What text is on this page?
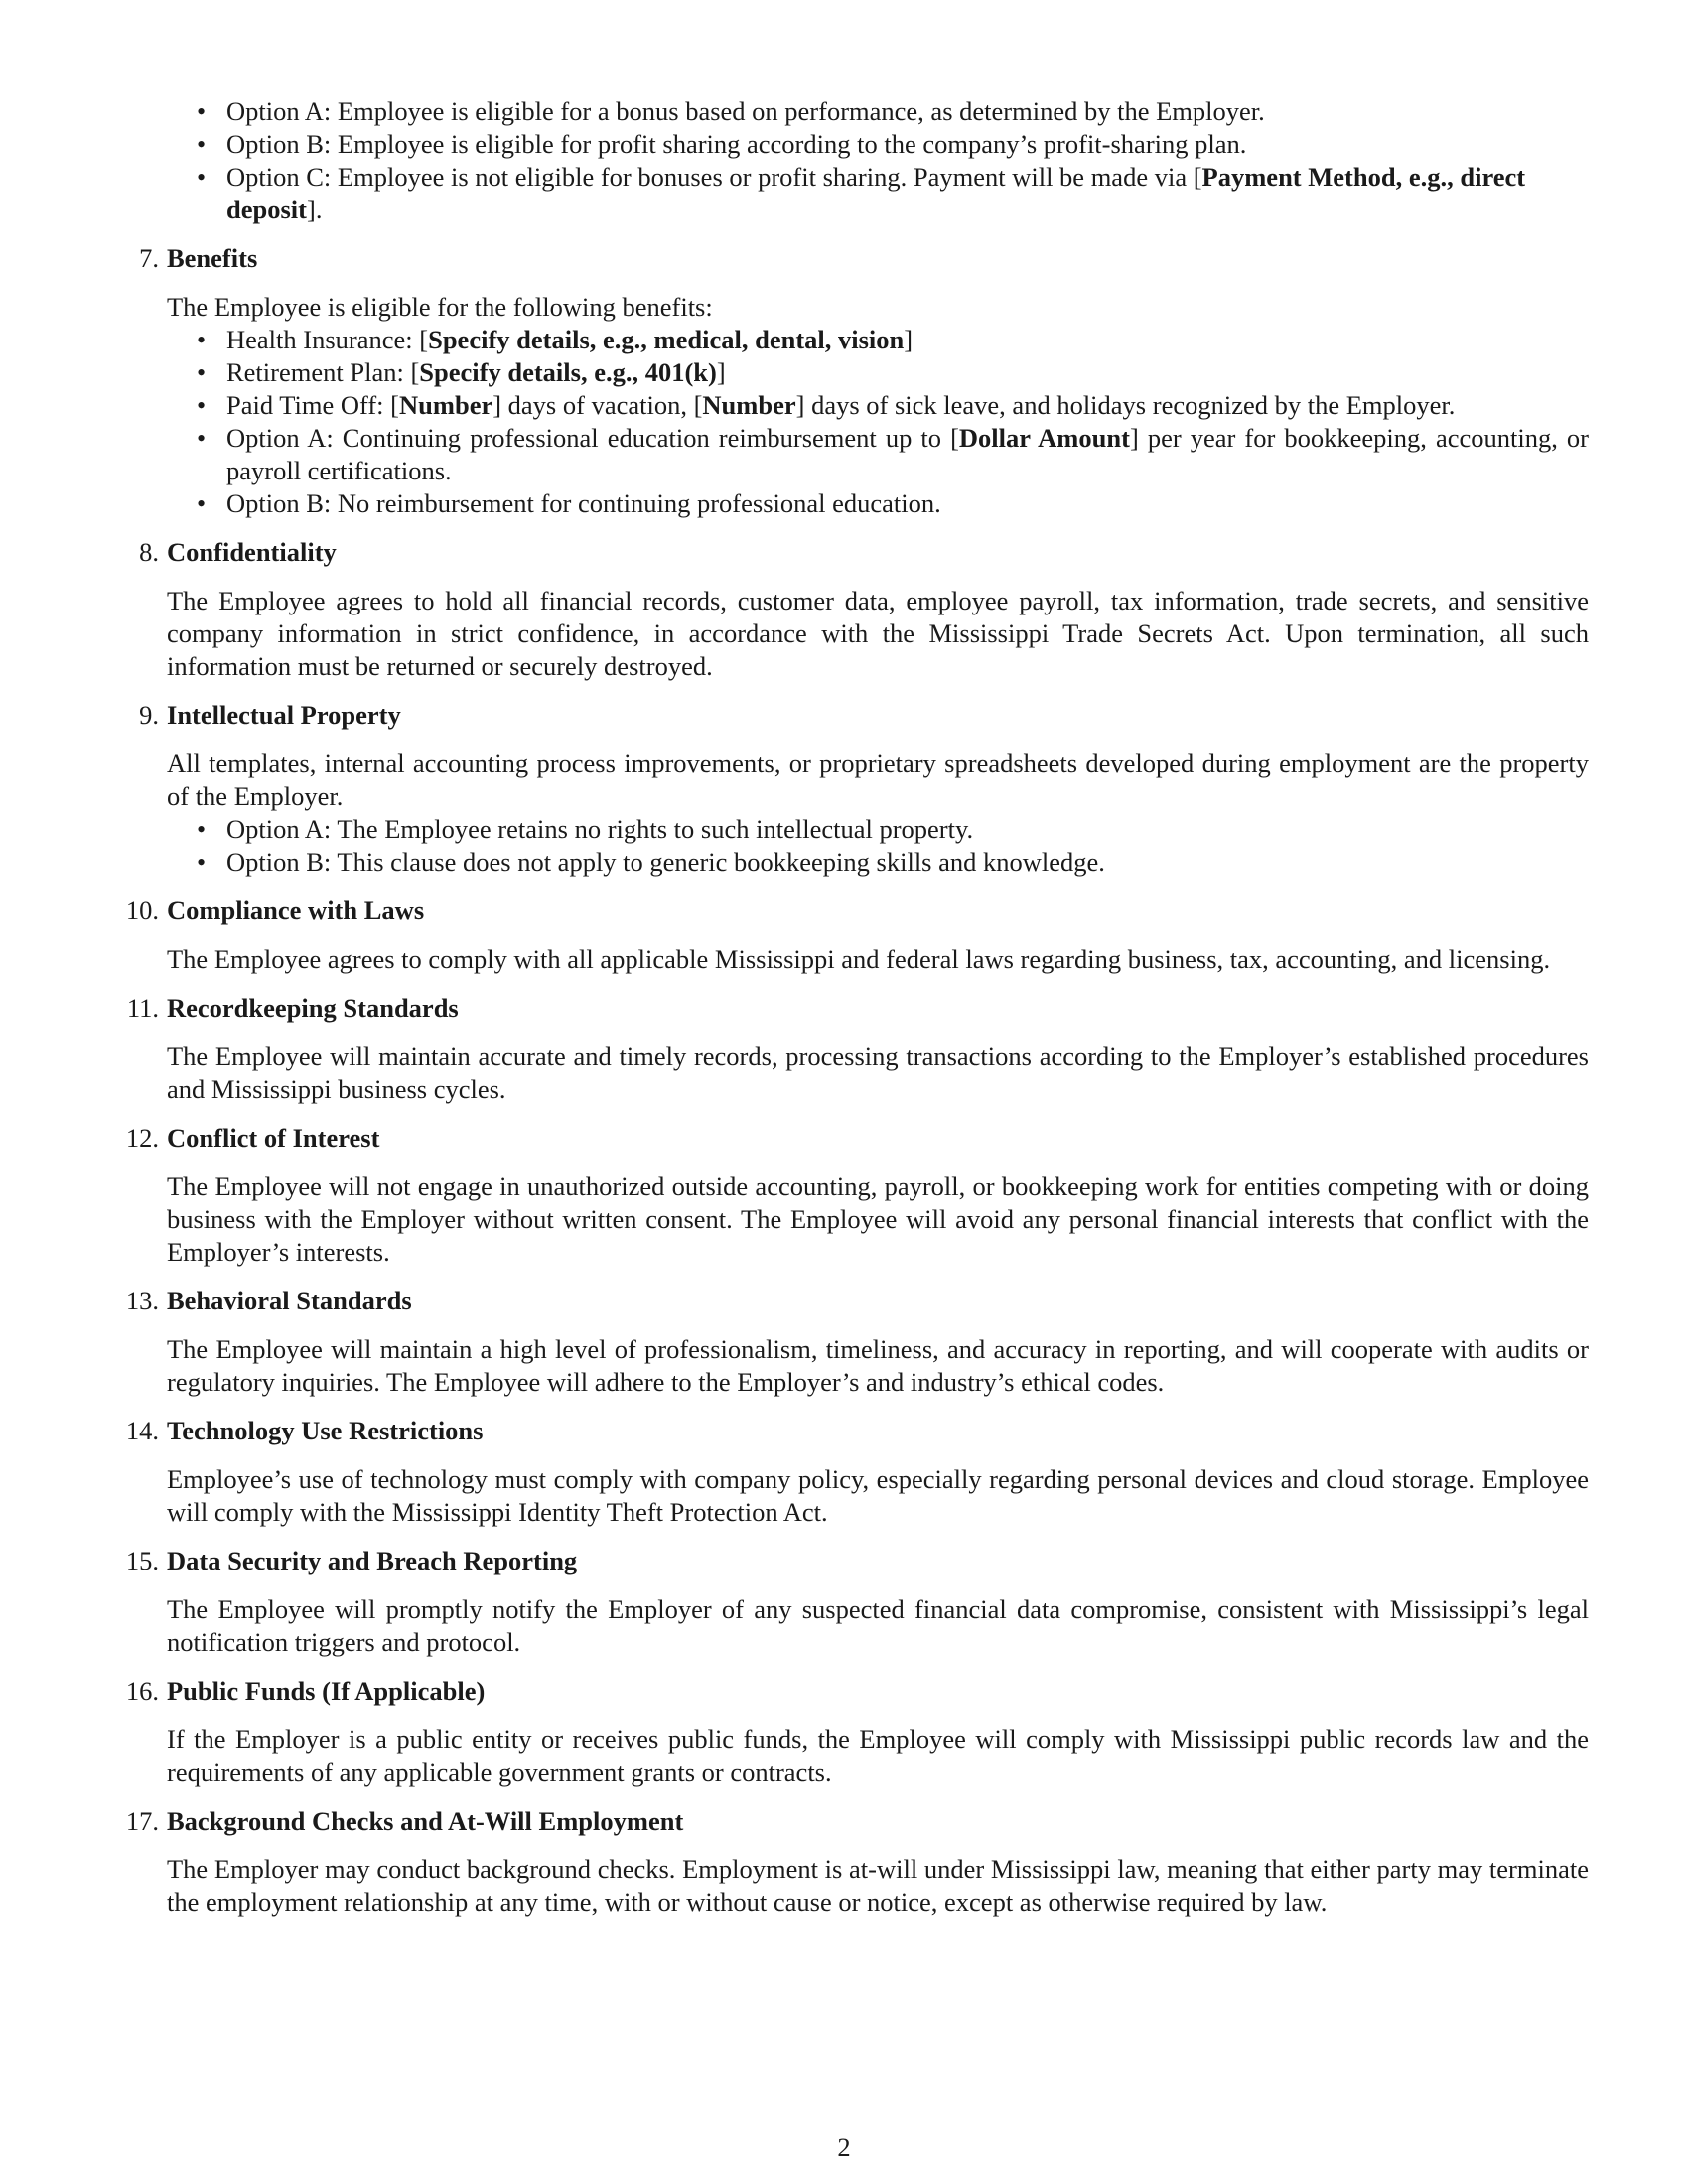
• Option A: Employee is eligible for a bonus based on performance, as determined by the Employer.
• Option B: Employee is eligible for profit sharing according to the company’s profit-sharing plan.
• Option C: Employee is not eligible for bonuses or profit sharing. Payment will be made via [Payment Method, e.g., direct deposit].
7. Benefits

The Employee is eligible for the following benefits:

• Health Insurance: [Specify details, e.g., medical, dental, vision]
• Retirement Plan: [Specify details, e.g., 401(k)]
• Paid Time Off: [Number] days of vacation, [Number] days of sick leave, and holidays recognized by the Employer.
• Option A: Continuing professional education reimbursement up to [Dollar Amount] per year for bookkeeping, accounting, or payroll certifications.
• Option B: No reimbursement for continuing professional education.
8. Confidentiality

The Employee agrees to hold all financial records, customer data, employee payroll, tax information, trade secrets, and sensitive company information in strict confidence, in accordance with the Mississippi Trade Secrets Act. Upon termination, all such information must be returned or securely destroyed.

9. Intellectual Property

All templates, internal accounting process improvements, or proprietary spreadsheets developed during employment are the property of the Employer.

• Option A: The Employee retains no rights to such intellectual property.
• Option B: This clause does not apply to generic bookkeeping skills and knowledge.
10. Compliance with Laws

The Employee agrees to comply with all applicable Mississippi and federal laws regarding business, tax, accounting, and licensing.

11. Recordkeeping Standards

The Employee will maintain accurate and timely records, processing transactions according to the Employer’s established procedures and Mississippi business cycles.

12. Conflict of Interest

The Employee will not engage in unauthorized outside accounting, payroll, or bookkeeping work for entities competing with or doing business with the Employer without written consent. The Employee will avoid any personal financial interests that conflict with the Employer’s interests.

13. Behavioral Standards

The Employee will maintain a high level of professionalism, timeliness, and accuracy in reporting, and will cooperate with audits or regulatory inquiries. The Employee will adhere to the Employer’s and industry’s ethical codes.

14. Technology Use Restrictions

Employee’s use of technology must comply with company policy, especially regarding personal devices and cloud storage. Employee will comply with the Mississippi Identity Theft Protection Act.

15. Data Security and Breach Reporting

The Employee will promptly notify the Employer of any suspected financial data compromise, consistent with Mississippi’s legal notification triggers and protocol.

16. Public Funds (If Applicable)

If the Employer is a public entity or receives public funds, the Employee will comply with Mississippi public records law and the requirements of any applicable government grants or contracts.

17. Background Checks and At-Will Employment

The Employer may conduct background checks. Employment is at-will under Mississippi law, meaning that either party may terminate the employment relationship at any time, with or without cause or notice, except as otherwise required by law.

2
